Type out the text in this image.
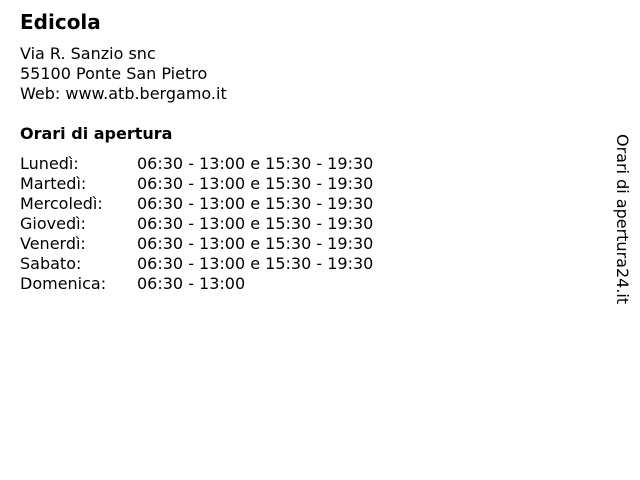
Edicola
Via R. Sanzio snc
55100 Ponte San Pietro
Web: www.atb.bergamo.it
Orari di apertura
Lunedì:	06:30 - 13:00 e 15:30 - 19:30
Martedì:	06:30 - 13:00 e 15:30 - 19:30
Mercoledì: 06:30 - 13:00 e 15:30 - 19:30
Giovedì:	06:30 - 13:00 e 15:30 - 19:30
Venerdì:	06:30 - 13:00 e 15:30 - 19:30
Sabato:	06:30 - 13:00 e 15:30 - 19:30
Domenica: 06:30 - 13:00	Orari di apertura24.it
